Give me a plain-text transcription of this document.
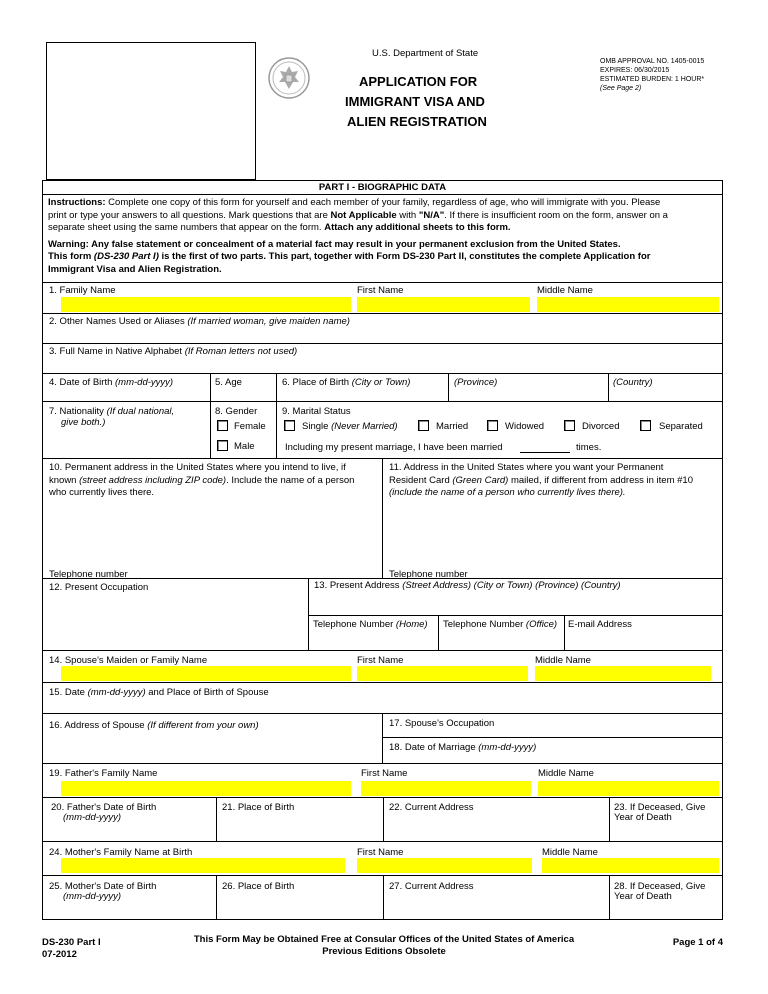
U.S. Department of State
APPLICATION FOR
IMMIGRANT VISA AND
ALIEN REGISTRATION
OMB APPROVAL NO. 1405-0015
EXPIRES: 06/30/2015
ESTIMATED BURDEN: 1 HOUR*
(See Page 2)
PART I - BIOGRAPHIC DATA
Instructions: Complete one copy of this form for yourself and each member of your family, regardless of age, who will immigrate with you. Please
print or type your answers to all questions. Mark questions that are Not Applicable with "N/A". If there is insufficient room on the form, answer on a
separate sheet using the same numbers that appear on the form. Attach any additional sheets to this form.
Warning: Any false statement or concealment of a material fact may result in your permanent exclusion from the United States.
This form (DS-230 Part I) is the first of two parts. This part, together with Form DS-230 Part II, constitutes the complete Application for
Immigrant Visa and Alien Registration.
1. Family Name	First Name	Middle Name
2. Other Names Used or Aliases (If married woman, give maiden name)
3. Full Name in Native Alphabet (If Roman letters not used)
4. Date of Birth (mm-dd-yyyy)	5. Age	6. Place of Birth (City or Town)	(Province)	(Country)
7. Nationality (If dual national,
give both.)
8. Gender
Female
Male
9. Marital Status
Single (Never Married)	Married	Widowed	Divorced	Separated
Including my present marriage, I have been married	times.
10. Permanent address in the United States where you intend to live, if
known (street address including ZIP code). Include the name of a person
who currently lives there.
11. Address in the United States where you want your Permanent
Resident Card (Green Card) mailed, if different from address in item #10
(include the name of a person who currently lives there).
Telephone number	Telephone number
12. Present Occupation	13. Present Address (Street Address) (City or Town) (Province) (Country)
Telephone Number (Home) Telephone Number (Office) E-mail Address
14. Spouse's Maiden or Family Name	First Name	Middle Name
15. Date (mm-dd-yyyy) and Place of Birth of Spouse
16. Address of Spouse (If different from your own)	17. Spouse's Occupation
18. Date of Marriage (mm-dd-yyyy)
19. Father's Family Name	First Name	Middle Name
20. Father's Date of Birth
(mm-dd-yyyy)
21. Place of Birth	22. Current Address	23. If Deceased, Give
Year of Death
24. Mother's Family Name at Birth	First Name	Middle Name
25. Mother's Date of Birth
(mm-dd-yyyy)
26. Place of Birth	27. Current Address	28. If Deceased, Give
Year of Death
DS-230 Part I
07-2012
This Form May be Obtained Free at Consular Offices of the United States of America
Previous Editions Obsolete
Page 1 of 4
